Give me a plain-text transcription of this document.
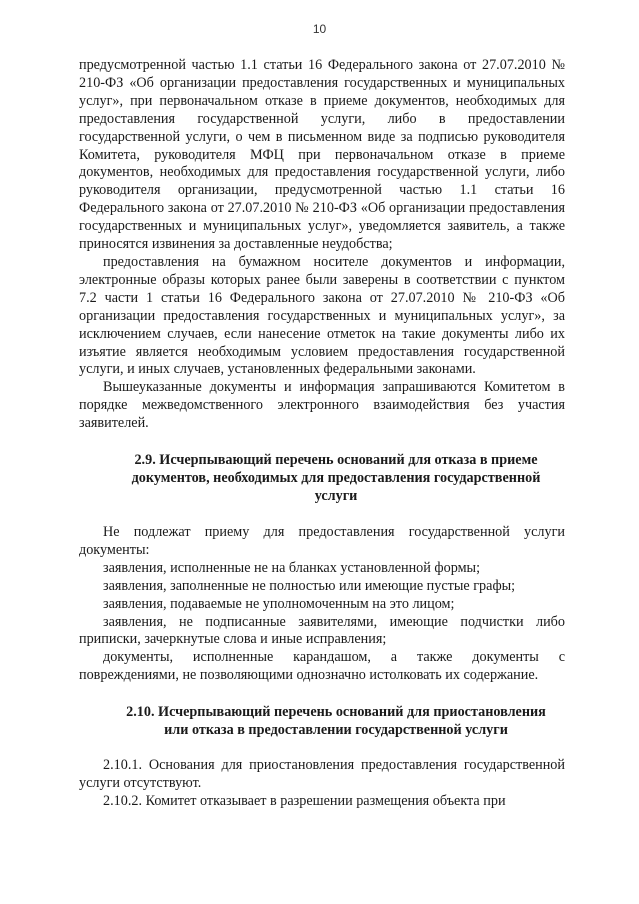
10

предусмотренной частью 1.1 статьи 16 Федерального закона от 27.07.2010 № 210-ФЗ «Об организации предоставления государственных и муниципальных услуг», при первоначальном отказе в приеме документов, необходимых для предоставления государственной услуги, либо в предоставлении государственной услуги, о чем в письменном виде за подписью руководителя Комитета, руководителя МФЦ при первоначальном отказе в приеме документов, необходимых для предоставления государственной услуги, либо руководителя организации, предусмотренной частью 1.1 статьи 16 Федерального закона от 27.07.2010 № 210-ФЗ «Об организации предоставления государственных и муниципальных услуг», уведомляется заявитель, а также приносятся извинения за доставленные неудобства;

предоставления на бумажном носителе документов и информации, электронные образы которых ранее были заверены в соответствии с пунктом 7.2 части 1 статьи 16 Федерального закона от 27.07.2010 № 210-ФЗ «Об организации предоставления государственных и муниципальных услуг», за исключением случаев, если нанесение отметок на такие документы либо их изъятие является необходимым условием предоставления государственной услуги, и иных случаев, установленных федеральными законами.

Вышеуказанные документы и информация запрашиваются Комитетом в порядке межведомственного электронного взаимодействия без участия заявителей.

2.9. Исчерпывающий перечень оснований для отказа в приеме документов, необходимых для предоставления государственной услуги

Не подлежат приему для предоставления государственной услуги документы:

заявления, исполненные не на бланках установленной формы;

заявления, заполненные не полностью или имеющие пустые графы;

заявления, подаваемые не уполномоченным на это лицом;

заявления, не подписанные заявителями, имеющие подчистки либо приписки, зачеркнутые слова и иные исправления;

документы, исполненные карандашом, а также документы с повреждениями, не позволяющими однозначно истолковать их содержание.

2.10. Исчерпывающий перечень оснований для приостановления или отказа в предоставлении государственной услуги

2.10.1. Основания для приостановления предоставления государственной услуги отсутствуют.

2.10.2. Комитет отказывает в разрешении размещения объекта при
